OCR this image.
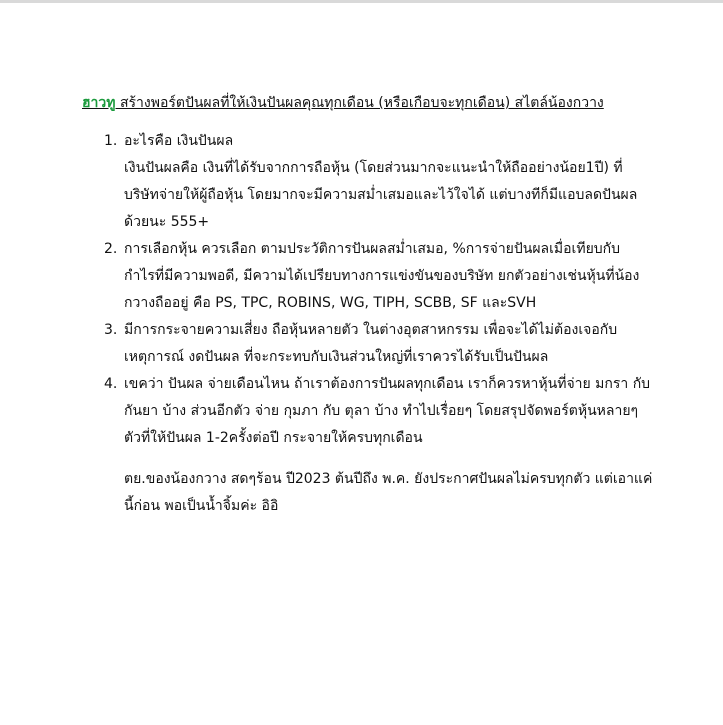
ฮาวทู สร้างพอร์ตปันผลที่ให้เงินปันผลคุณทุกเดือน (หรือเกือบจะทุกเดือน) สไตล์น้องกวาง
1. อะไรคือ เงินปันผล
เงินปันผลคือ เงินที่ได้รับจากการถือหุ้น (โดยส่วนมากจะแนะนำให้ถืออย่างน้อย1ปี) ที่
บริษัทจ่ายให้ผู้ถือหุ้น โดยมากจะมีความสม่ำเสมอและไว้ใจได้ แต่บางทีก็มีแอบลดปันผล
ด้วยนะ 555+
2. การเลือกหุ้น ควรเลือก ตามประวัติการปันผลสม่ำเสมอ, %การจ่ายปันผลเมื่อเทียบกับ
กำไรที่มีความพอดี, มีความได้เปรียบทางการแข่งขันของบริษัท ยกตัวอย่างเช่นหุ้นที่น้อง
กวางถืออยู่ คือ PS, TPC, ROBINS, WG, TIPH, SCBB, SF และSVH
3. มีการกระจายความเสี่ยง ถือหุ้นหลายตัว ในต่างอุตสาหกรรม เพื่อจะได้ไม่ต้องเจอกับ
เหตุการณ์ งดปันผล ที่จะกระทบกับเงินส่วนใหญ่ที่เราควรได้รับเป็นปันผล
4. เขคว่า ปันผล จ่ายเดือนไหน ถ้าเราต้องการปันผลทุกเดือน เราก็ควรหาหุ้นที่จ่าย มกรา กับ
กันยา บ้าง ส่วนอีกตัว จ่าย กุมภา กับ ตุลา บ้าง ทำไปเรื่อยๆ โดยสรุปจัดพอร์ตหุ้นหลายๆ
ตัวที่ให้ปันผล 1-2ครั้งต่อปี กระจายให้ครบทุกเดือน
ตย.ของน้องกวาง สดๆร้อน ปี2023 ต้นปีถึง พ.ค. ยังประกาศปันผลไม่ครบทุกตัว แต่เอาแค่
นี้ก่อน พอเป็นน้ำจิ้มค่ะ อิอิ
